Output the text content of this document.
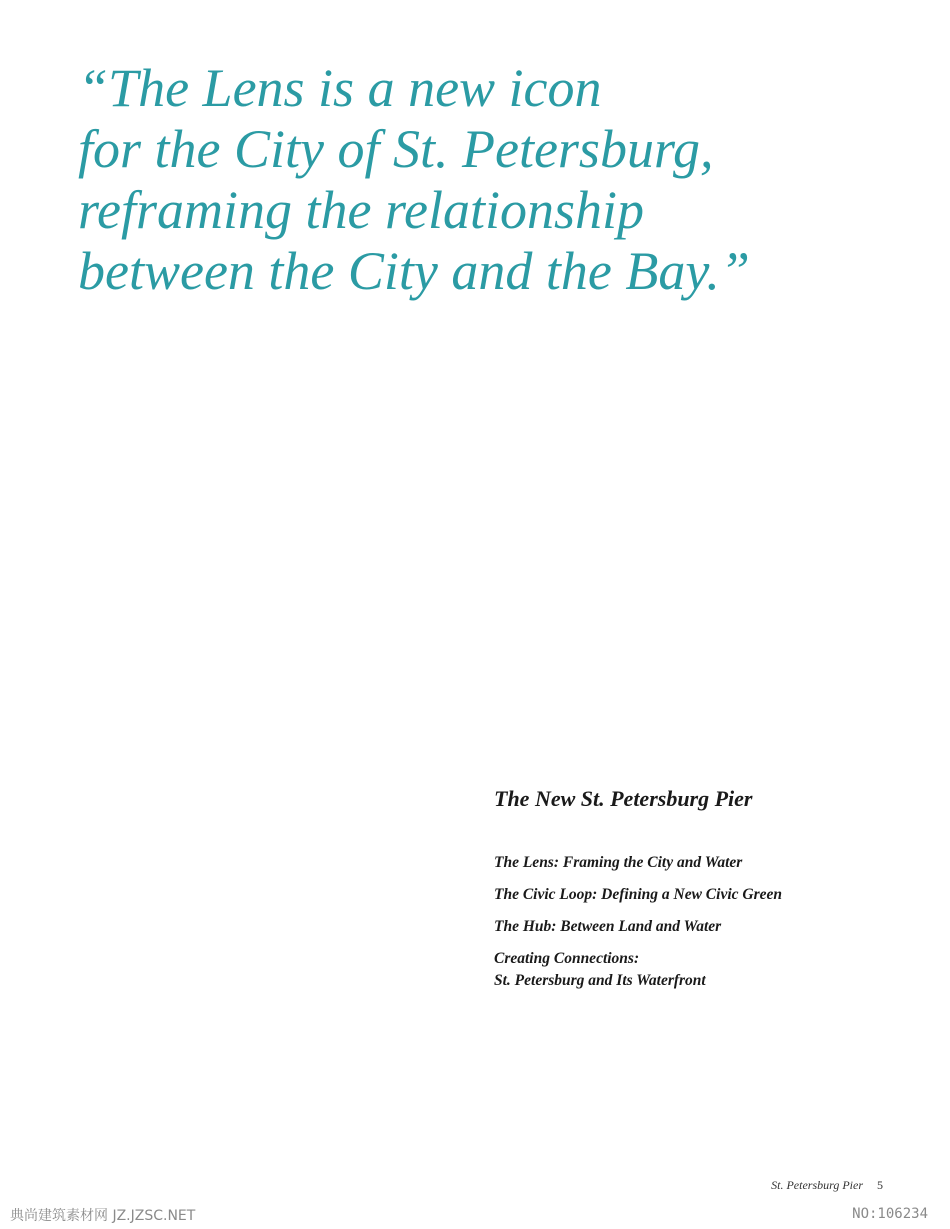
“The Lens is a new icon
for the City of St. Petersburg,
reframing the relationship
between the City and the Bay.”
The New St. Petersburg Pier
The Lens: Framing the City and Water
The Civic Loop: Defining a New Civic Green
The Hub: Between Land and Water
Creating Connections:
St. Petersburg and Its Waterfront
St. Petersburg Pier 5
典尚建筑素材网 JZ.JZSC.NET	NO:106234
